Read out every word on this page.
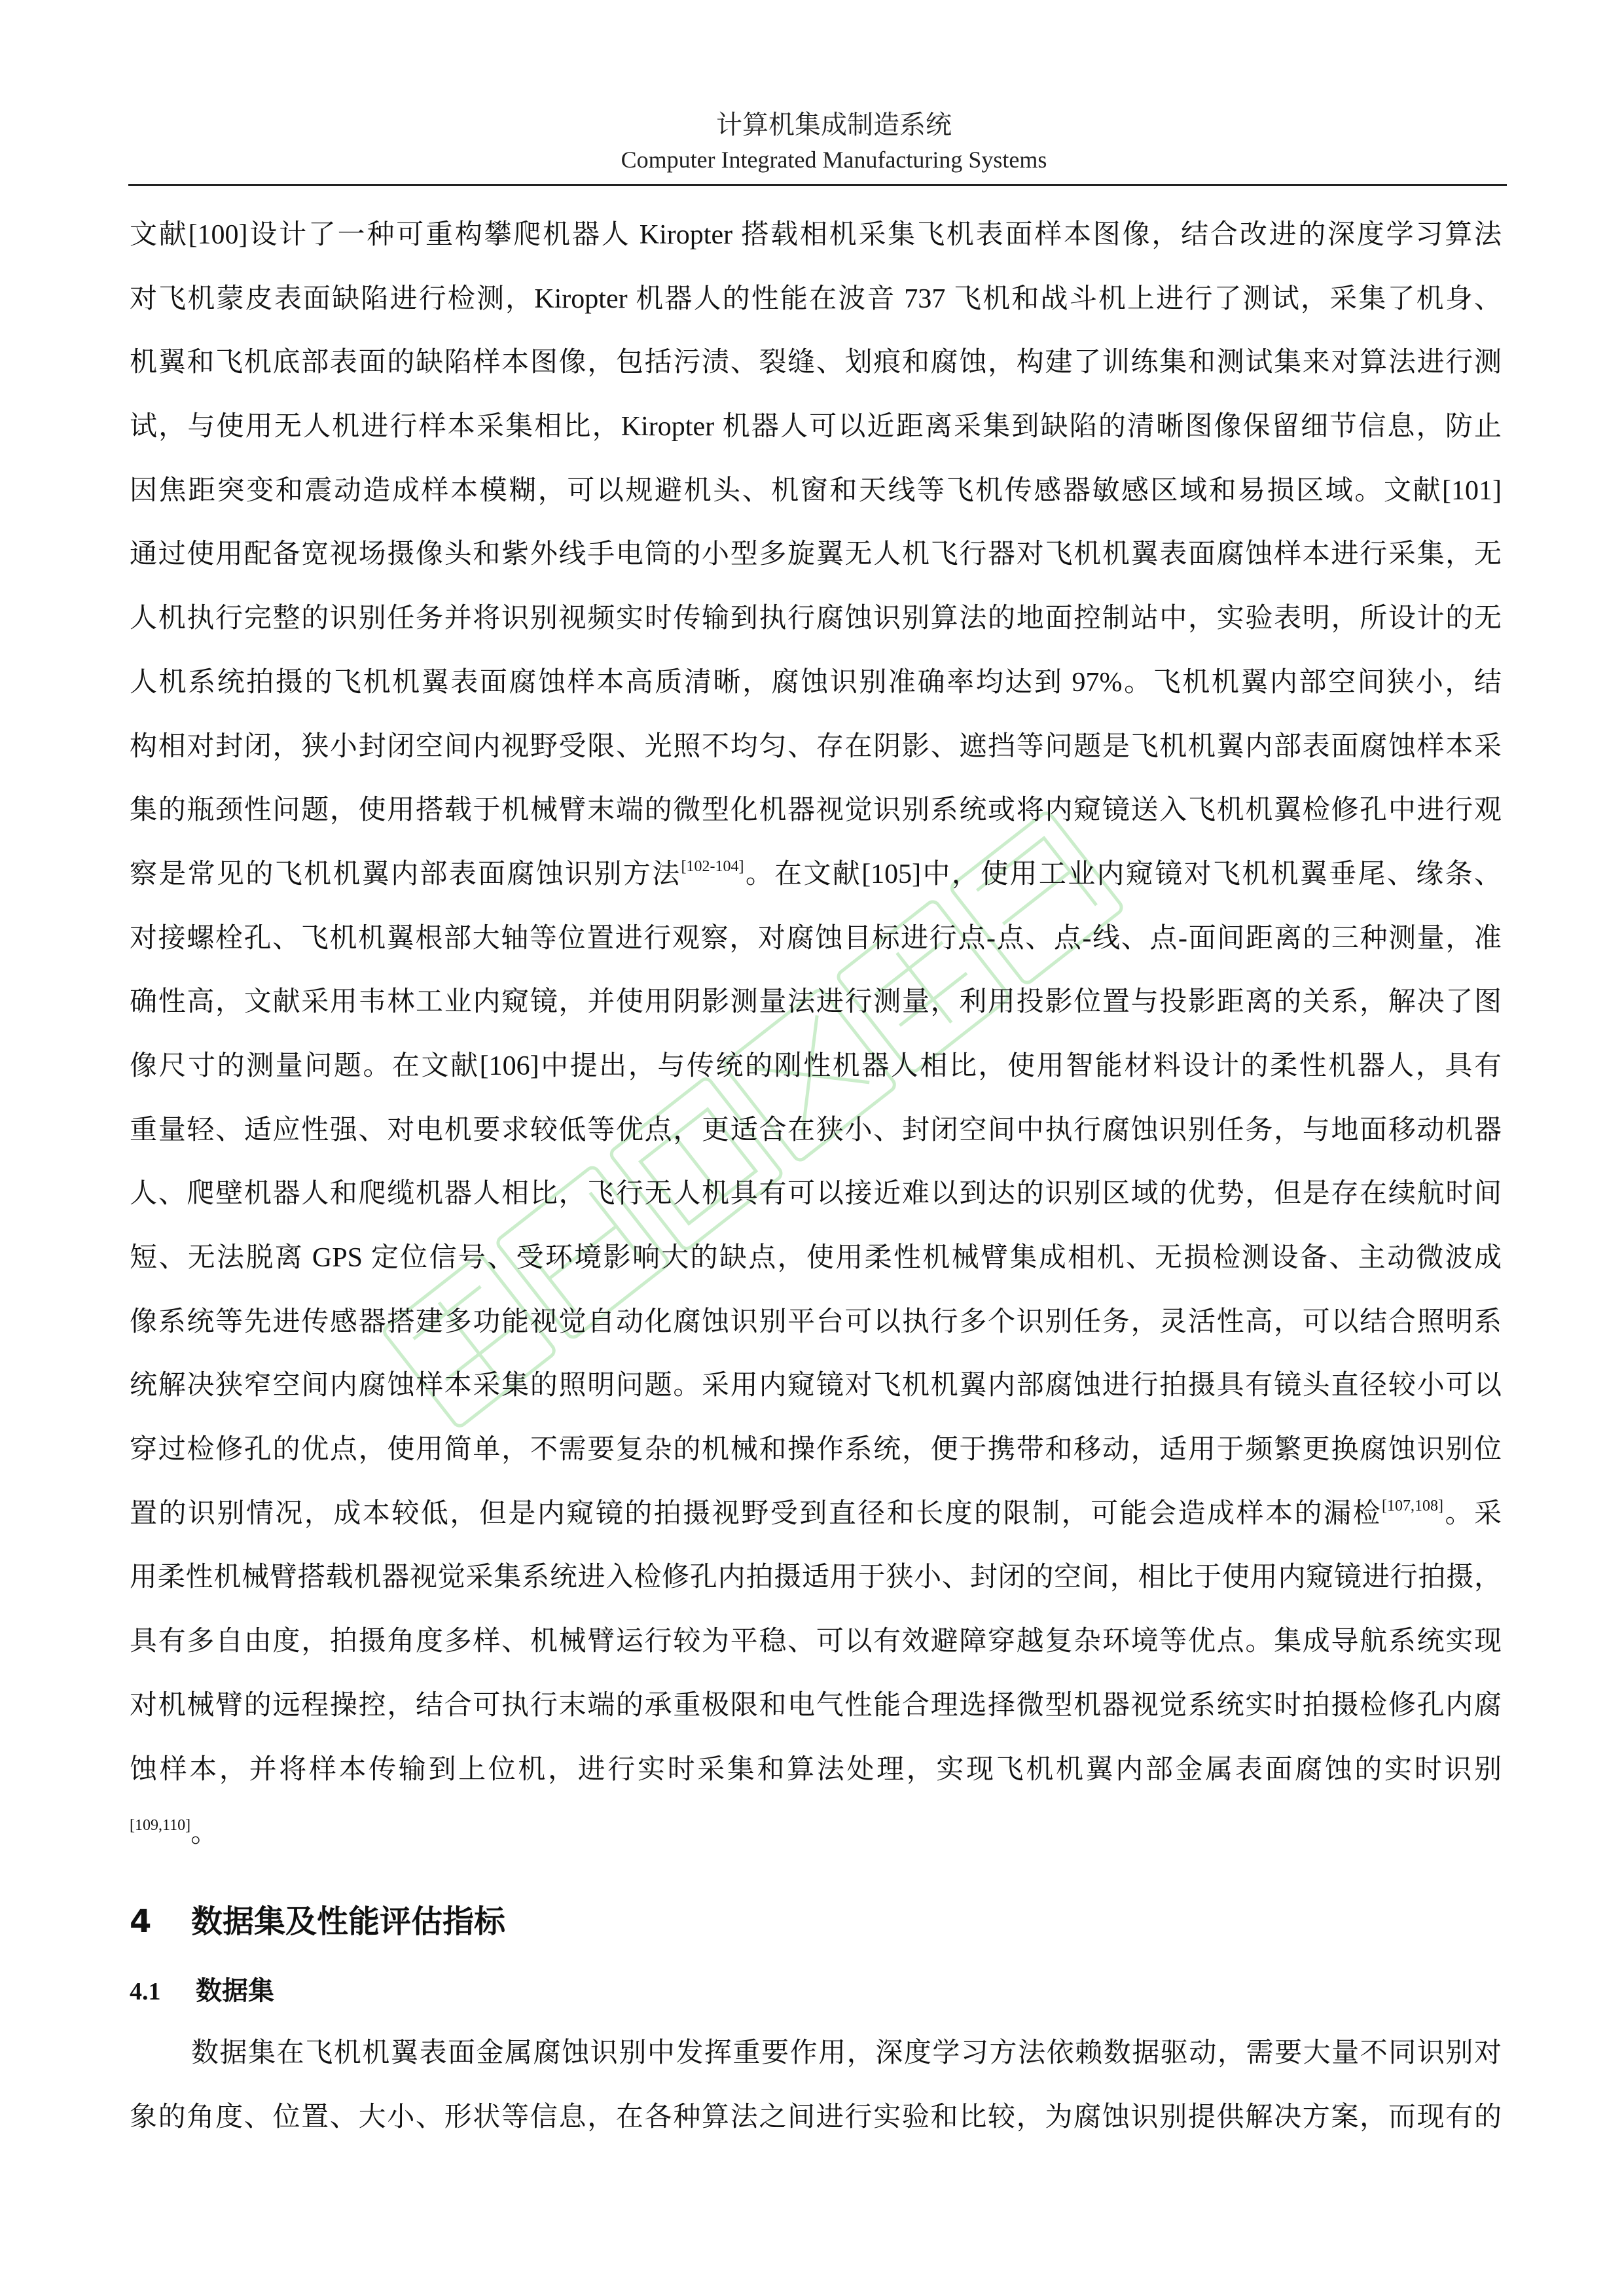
计算机集成制造系统
Computer Integrated Manufacturing Systems
文献[100]设计了一种可重构攀爬机器人 Kiropter 搭载相机采集飞机表面样本图像，结合改进的深度学习算法
对飞机蒙皮表面缺陷进行检测，Kiropter 机器人的性能在波音 737 飞机和战斗机上进行了测试，采集了机身、
机翼和飞机底部表面的缺陷样本图像，包括污渍、裂缝、划痕和腐蚀，构建了训练集和测试集来对算法进行测
试，与使用无人机进行样本采集相比，Kiropter 机器人可以近距离采集到缺陷的清晰图像保留细节信息，防止
因焦距突变和震动造成样本模糊，可以规避机头、机窗和天线等飞机传感器敏感区域和易损区域。文献[101]
通过使用配备宽视场摄像头和紫外线手电筒的小型多旋翼无人机飞行器对飞机机翼表面腐蚀样本进行采集，无
人机执行完整的识别任务并将识别视频实时传输到执行腐蚀识别算法的地面控制站中，实验表明，所设计的无
人机系统拍摄的飞机机翼表面腐蚀样本高质清晰，腐蚀识别准确率均达到 97%。飞机机翼内部空间狭小，结
构相对封闭，狭小封闭空间内视野受限、光照不均匀、存在阴影、遮挡等问题是飞机机翼内部表面腐蚀样本采
集的瓶颈性问题，使用搭载于机械臂末端的微型化机器视觉识别系统或将内窥镜送入飞机机翼检修孔中进行观
察是常见的飞机机翼内部表面腐蚀识别方法[102-104]。在文献[105]中，使用工业内窥镜对飞机机翼垂尾、缘条、
对接螺栓孔、飞机机翼根部大轴等位置进行观察，对腐蚀目标进行点-点、点-线、点-面间距离的三种测量，准
确性高，文献采用韦林工业内窥镜，并使用阴影测量法进行测量，利用投影位置与投影距离的关系，解决了图
像尺寸的测量问题。在文献[106]中提出，与传统的刚性机器人相比，使用智能材料设计的柔性机器人，具有
重量轻、适应性强、对电机要求较低等优点，更适合在狭小、封闭空间中执行腐蚀识别任务，与地面移动机器
人、爬壁机器人和爬缆机器人相比，飞行无人机具有可以接近难以到达的识别区域的优势，但是存在续航时间
短、无法脱离 GPS 定位信号、受环境影响大的缺点，使用柔性机械臂集成相机、无损检测设备、主动微波成
像系统等先进传感器搭建多功能视觉自动化腐蚀识别平台可以执行多个识别任务，灵活性高，可以结合照明系
统解决狭窄空间内腐蚀样本采集的照明问题。采用内窥镜对飞机机翼内部腐蚀进行拍摄具有镜头直径较小可以
穿过检修孔的优点，使用简单，不需要复杂的机械和操作系统，便于携带和移动，适用于频繁更换腐蚀识别位
置的识别情况，成本较低，但是内窥镜的拍摄视野受到直径和长度的限制，可能会造成样本的漏检[107,108]。采
用柔性机械臂搭载机器视觉采集系统进入检修孔内拍摄适用于狭小、封闭的空间，相比于使用内窥镜进行拍摄，
具有多自由度，拍摄角度多样、机械臂运行较为平稳、可以有效避障穿越复杂环境等优点。集成导航系统实现
对机械臂的远程操控，结合可执行末端的承重极限和电气性能合理选择微型机器视觉系统实时拍摄检修孔内腐
蚀样本，并将样本传输到上位机，进行实时采集和算法处理，实现飞机机翼内部金属表面腐蚀的实时识别
[109,110]。
4 数据集及性能评估指标
4.1 数据集
数据集在飞机机翼表面金属腐蚀识别中发挥重要作用，深度学习方法依赖数据驱动，需要大量不同识别对
象的角度、位置、大小、形状等信息，在各种算法之间进行实验和比较，为腐蚀识别提供解决方案，而现有的
